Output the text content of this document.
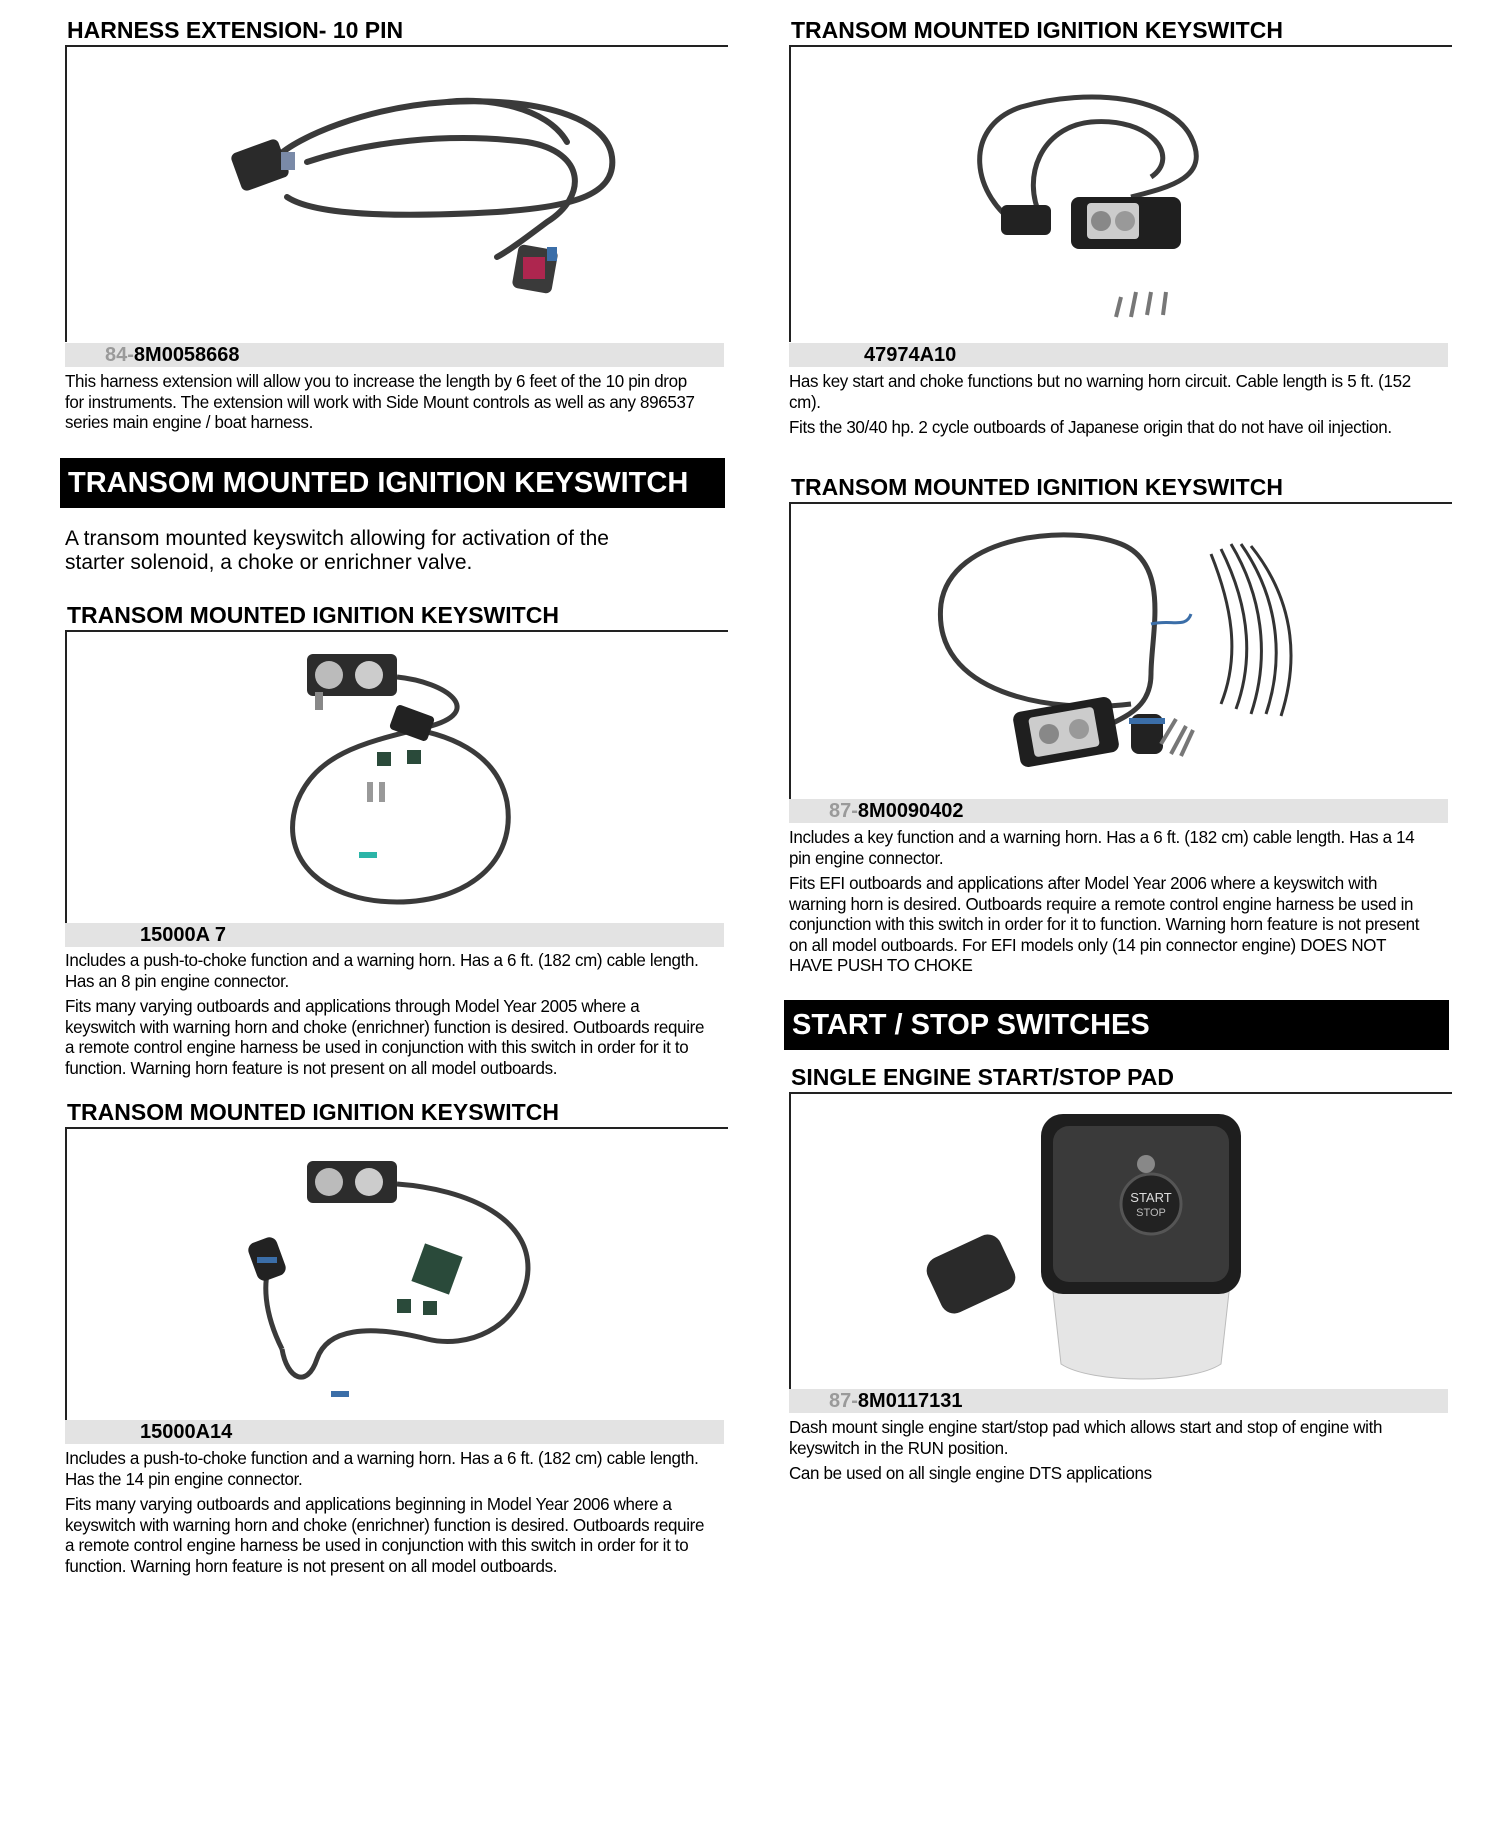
HARNESS EXTENSION- 10 PIN
84-8M0058668

This harness extension will allow you to increase the length by 6 feet of the 10 pin drop for instruments. The extension will work with Side Mount controls as well as any 896537 series main engine / boat harness.

TRANSOM MOUNTED IGNITION KEYSWITCH
A transom mounted keyswitch allowing for activation of the starter solenoid, a choke or enrichner valve.
TRANSOM MOUNTED IGNITION KEYSWITCH
15000A 7

Includes a push-to-choke function and a warning horn. Has a 6 ft. (182 cm) cable length. Has an 8 pin engine connector.

Fits many varying outboards and applications through Model Year 2005 where a keyswitch with warning horn and choke (enrichner) function is desired. Outboards require a remote control engine harness be used in conjunction with this switch in order for it to function. Warning horn feature is not present on all model outboards.

TRANSOM MOUNTED IGNITION KEYSWITCH
15000A14

Includes a push-to-choke function and a warning horn. Has a 6 ft. (182 cm) cable length. Has the 14 pin engine connector.

Fits many varying outboards and applications beginning in Model Year 2006 where a keyswitch with warning horn and choke (enrichner) function is desired. Outboards require a remote control engine harness be used in conjunction with this switch in order for it to function. Warning horn feature is not present on all model outboards.

TRANSOM MOUNTED IGNITION KEYSWITCH
47974A10

Has key start and choke functions but no warning horn circuit. Cable length is 5 ft. (152 cm).

Fits the 30/40 hp. 2 cycle outboards of Japanese origin that do not have oil injection.

TRANSOM MOUNTED IGNITION KEYSWITCH
87-8M0090402

Includes a key function and a warning horn. Has a 6 ft. (182 cm) cable length. Has a 14 pin engine connector.

Fits EFI outboards and applications after Model Year 2006 where a keyswitch with warning horn is desired. Outboards require a remote control engine harness be used in conjunction with this switch in order for it to function. Warning horn feature is not present on all model outboards. For EFI models only (14 pin connector engine) DOES NOT HAVE PUSH TO CHOKE

START / STOP SWITCHES
SINGLE ENGINE START/STOP PAD
START
STOP
87-8M0117131

Dash mount single engine start/stop pad which allows start and stop of engine with keyswitch in the RUN position.

Can be used on all single engine DTS applications
